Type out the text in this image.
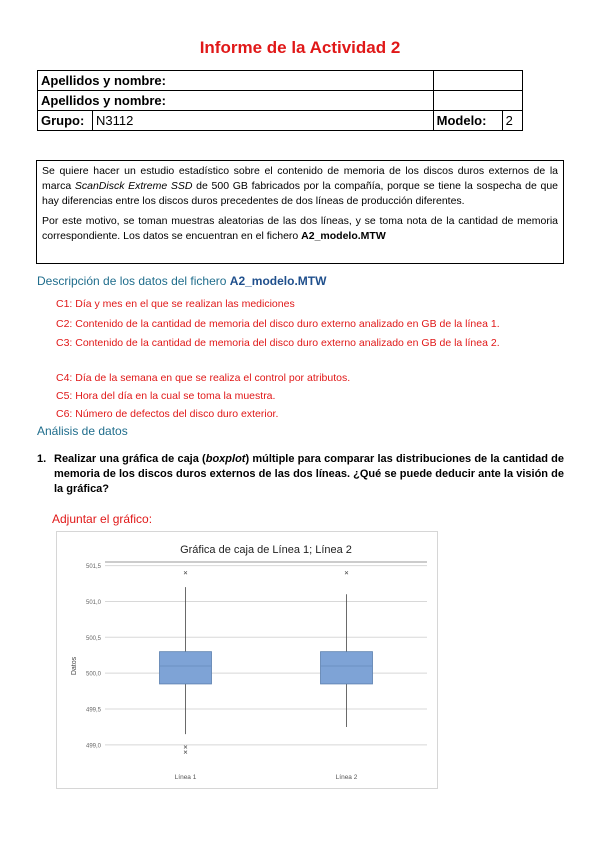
Informe de la Actividad 2
Apellidos y nombre:			
Apellidos y nombre:			
Grupo:	N3112	Modelo:	2

Se quiere hacer un estudio estadístico sobre el contenido de memoria de los discos duros externos de la marca ScanDisck Extreme SSD de 500 GB fabricados por la compañía, porque se tiene la sospecha de que hay diferencias entre los discos duros precedentes de dos líneas de producción diferentes.

Por este motivo, se toman muestras aleatorias de las dos líneas, y se toma nota de la cantidad de memoria correspondiente. Los datos se encuentran en el fichero A2_modelo.MTW

Descripción de los datos del fichero A2_modelo.MTW
C1: Día y mes en el que se realizan las mediciones
C2: Contenido de la cantidad de memoria del disco duro externo analizado en GB de la línea 1.
C3: Contenido de la cantidad de memoria del disco duro externo analizado en GB de la línea 2.
C4: Día de la semana en que se realiza el control por atributos.
C5: Hora del día en la cual se toma la muestra.
C6: Número de defectos del disco duro exterior.
Análisis de datos
1. Realizar una gráfica de caja (boxplot) múltiple para comparar las distribuciones de la cantidad de memoria de los discos duros externos de las dos líneas. ¿Qué se puede deducir ante la visión de la gráfica?
Adjuntar el gráfico:
Gráfica de caja de Línea 1; Línea 2
499,0
499,5
500,0
500,5
501,0
501,5
Datos
Línea 1	Línea 2
